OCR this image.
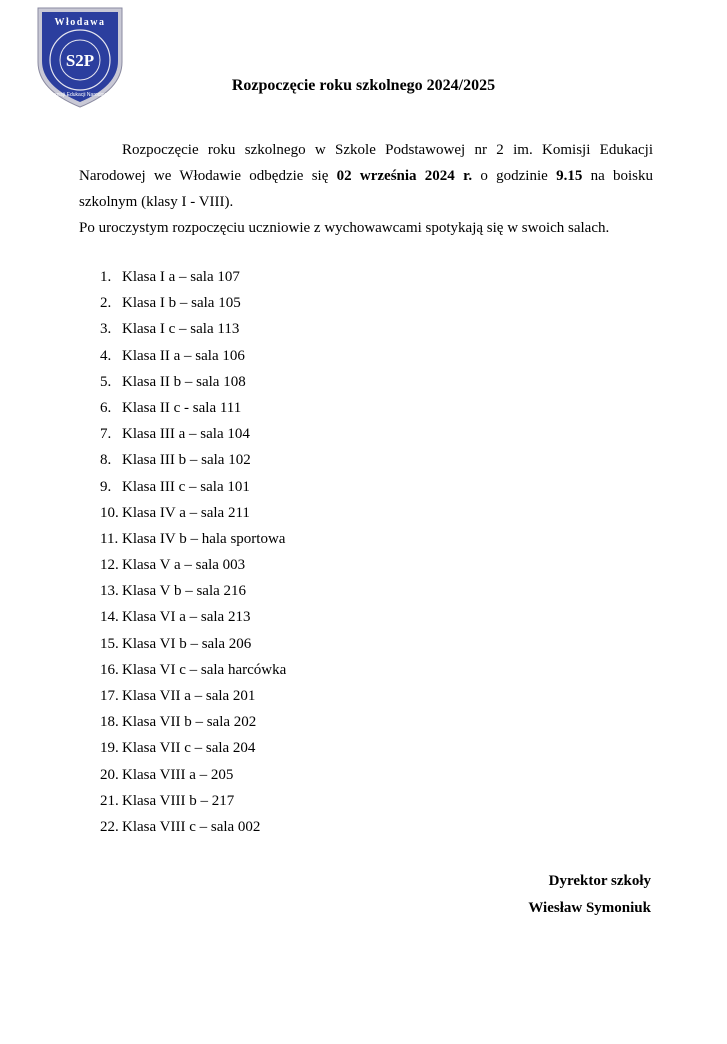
Włodawa
S2P
Komisji Edukacji Narodowej
Rozpoczęcie roku szkolnego 2024/2025

Rozpoczęcie roku szkolnego w Szkole Podstawowej nr 2 im. Komisji Edukacji Narodowej we Włodawie odbędzie się 02 września 2024 r. o godzinie 9.15 na boisku szkolnym (klasy I - VIII).

Po uroczystym rozpoczęciu uczniowie z wychowawcami spotykają się w swoich salach.

1. Klasa I a – sala 107
2. Klasa I b – sala 105
3. Klasa I c – sala 113
4. Klasa II a – sala 106
5. Klasa II b – sala 108
6. Klasa II c - sala 111
7. Klasa III a – sala 104
8. Klasa III b – sala 102
9. Klasa III c – sala 101
10. Klasa IV a – sala 211
11. Klasa IV b – hala sportowa
12. Klasa V a – sala 003
13. Klasa V b – sala 216
14. Klasa VI a – sala 213
15. Klasa VI b – sala 206
16. Klasa VI c – sala harcówka
17. Klasa VII a – sala 201
18. Klasa VII b – sala 202
19. Klasa VII c – sala 204
20. Klasa VIII a – 205
21. Klasa VIII b – 217
22. Klasa VIII c – sala 002
Dyrektor szkoły
Wiesław Symoniuk
